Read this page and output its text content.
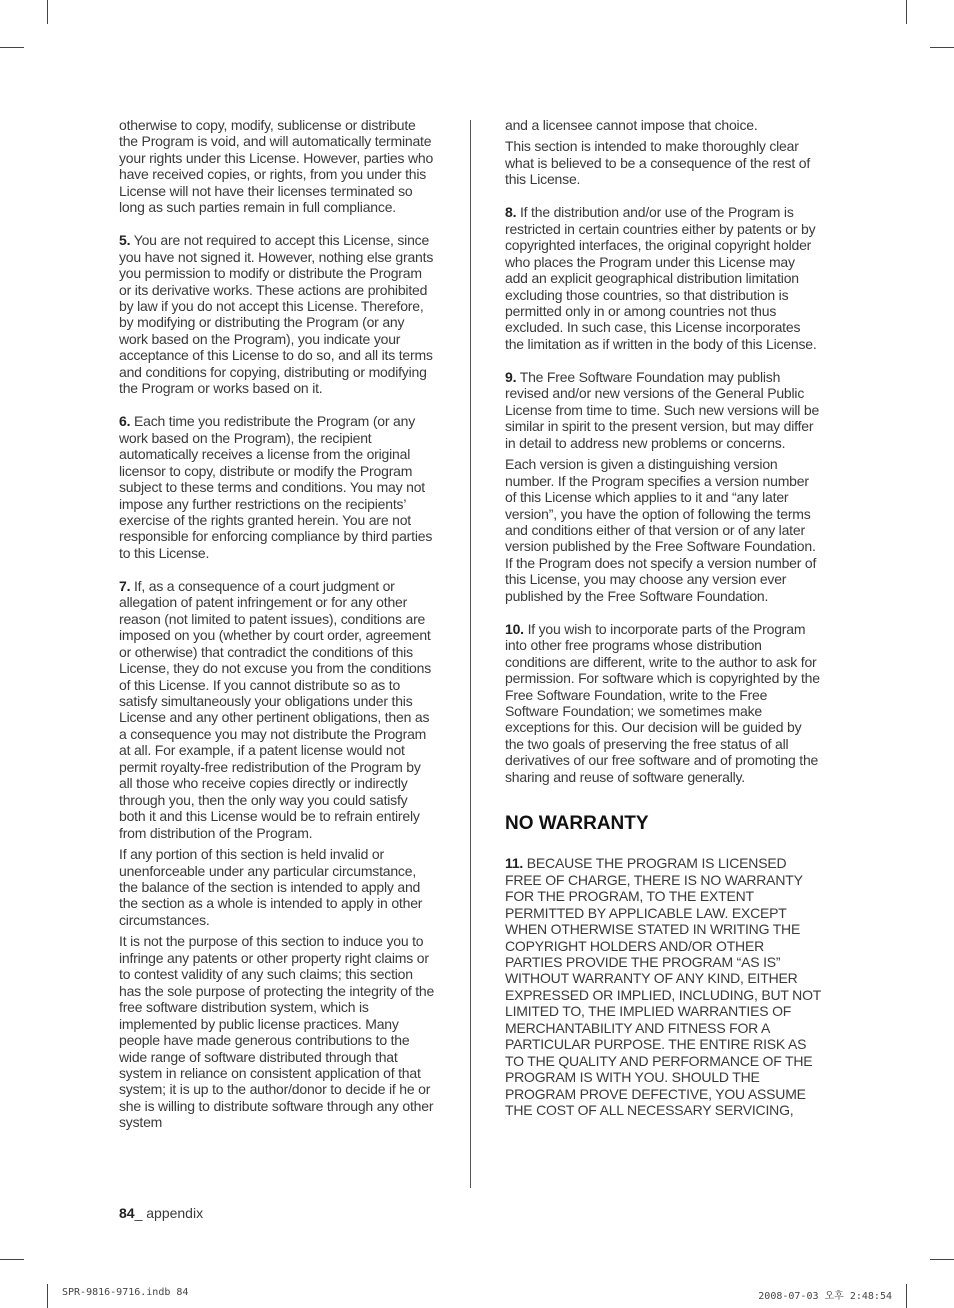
otherwise to copy, modify, sublicense or distribute the Program is void, and will automatically terminate your rights under this License. However, parties who have received copies, or rights, from you under this License will not have their licenses terminated so long as such parties remain in full compliance.

5. You are not required to accept this License, since you have not signed it. However, nothing else grants you permission to modify or distribute the Program or its derivative works. These actions are prohibited by law if you do not accept this License. Therefore, by modifying or distributing the Program (or any work based on the Program), you indicate your acceptance of this License to do so, and all its terms and conditions for copying, distributing or modifying the Program or works based on it.

6. Each time you redistribute the Program (or any work based on the Program), the recipient automatically receives a license from the original licensor to copy, distribute or modify the Program subject to these terms and conditions. You may not impose any further restrictions on the recipients’ exercise of the rights granted herein. You are not responsible for enforcing compliance by third parties to this License.

7. If, as a consequence of a court judgment or allegation of patent infringement or for any other reason (not limited to patent issues), conditions are imposed on you (whether by court order, agreement or otherwise) that contradict the conditions of this License, they do not excuse you from the conditions of this License. If you cannot distribute so as to satisfy simultaneously your obligations under this License and any other pertinent obligations, then as a consequence you may not distribute the Program at all. For example, if a patent license would not permit royalty-free redistribution of the Program by all those who receive copies directly or indirectly through you, then the only way you could satisfy both it and this License would be to refrain entirely from distribution of the Program.

If any portion of this section is held invalid or unenforceable under any particular circumstance, the balance of the section is intended to apply and the section as a whole is intended to apply in other circumstances.

It is not the purpose of this section to induce you to infringe any patents or other property right claims or to contest validity of any such claims; this section has the sole purpose of protecting the integrity of the free software distribution system, which is implemented by public license practices. Many people have made generous contributions to the wide range of software distributed through that system in reliance on consistent application of that system; it is up to the author/donor to decide if he or she is willing to distribute software through any other system

and a licensee cannot impose that choice.

This section is intended to make thoroughly clear what is believed to be a consequence of the rest of this License.

8. If the distribution and/or use of the Program is restricted in certain countries either by patents or by copyrighted interfaces, the original copyright holder who places the Program under this License may add an explicit geographical distribution limitation excluding those countries, so that distribution is permitted only in or among countries not thus excluded. In such case, this License incorporates the limitation as if written in the body of this License.

9. The Free Software Foundation may publish revised and/or new versions of the General Public License from time to time. Such new versions will be similar in spirit to the present version, but may differ in detail to address new problems or concerns.

Each version is given a distinguishing version number. If the Program specifies a version number of this License which applies to it and “any later version”, you have the option of following the terms and conditions either of that version or of any later version published by the Free Software Foundation. If the Program does not specify a version number of this License, you may choose any version ever published by the Free Software Foundation.

10. If you wish to incorporate parts of the Program into other free programs whose distribution conditions are different, write to the author to ask for permission. For software which is copyrighted by the Free Software Foundation, write to the Free Software Foundation; we sometimes make exceptions for this. Our decision will be guided by the two goals of preserving the free status of all derivatives of our free software and of promoting the sharing and reuse of software generally.

NO WARRANTY

11. BECAUSE THE PROGRAM IS LICENSED FREE OF CHARGE, THERE IS NO WARRANTY FOR THE PROGRAM, TO THE EXTENT PERMITTED BY APPLICABLE LAW. EXCEPT WHEN OTHERWISE STATED IN WRITING THE COPYRIGHT HOLDERS AND/OR OTHER PARTIES PROVIDE THE PROGRAM “AS IS” WITHOUT WARRANTY OF ANY KIND, EITHER EXPRESSED OR IMPLIED, INCLUDING, BUT NOT LIMITED TO, THE IMPLIED WARRANTIES OF MERCHANTABILITY AND FITNESS FOR A PARTICULAR PURPOSE. THE ENTIRE RISK AS TO THE QUALITY AND PERFORMANCE OF THE PROGRAM IS WITH YOU. SHOULD THE PROGRAM PROVE DEFECTIVE, YOU ASSUME THE COST OF ALL NECESSARY SERVICING,

84_ appendix
SPR-9816-9716.indb 84	2008-07-03 오후 2:48:54
